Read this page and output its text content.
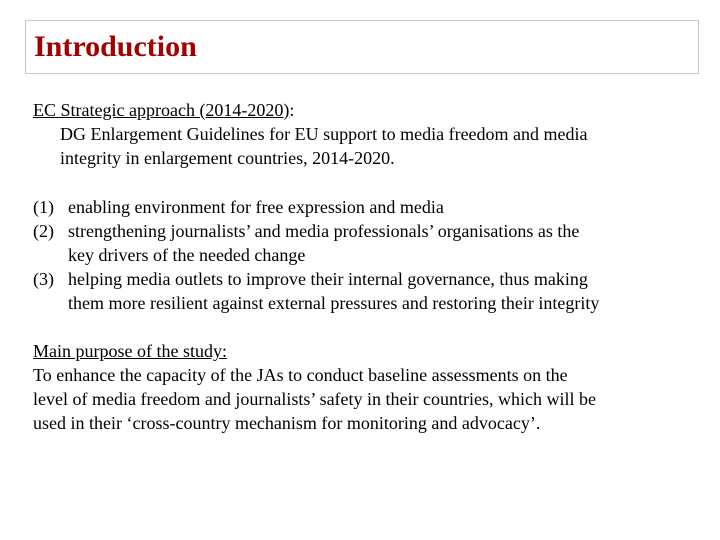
Introduction
EC Strategic approach (2014-2020):
DG Enlargement Guidelines for EU support to media freedom and media
integrity in enlargement countries, 2014-2020.
(1) enabling environment for free expression and media
(2) strengthening journalists’ and media professionals’ organisations as the
key drivers of the needed change
(3) helping media outlets to improve their internal governance, thus making
them more resilient against external pressures and restoring their integrity
Main purpose of the study:
To enhance the capacity of the JAs to conduct baseline assessments on the
level of media freedom and journalists’ safety in their countries, which will be
used in their ‘cross-country mechanism for monitoring and advocacy’.
